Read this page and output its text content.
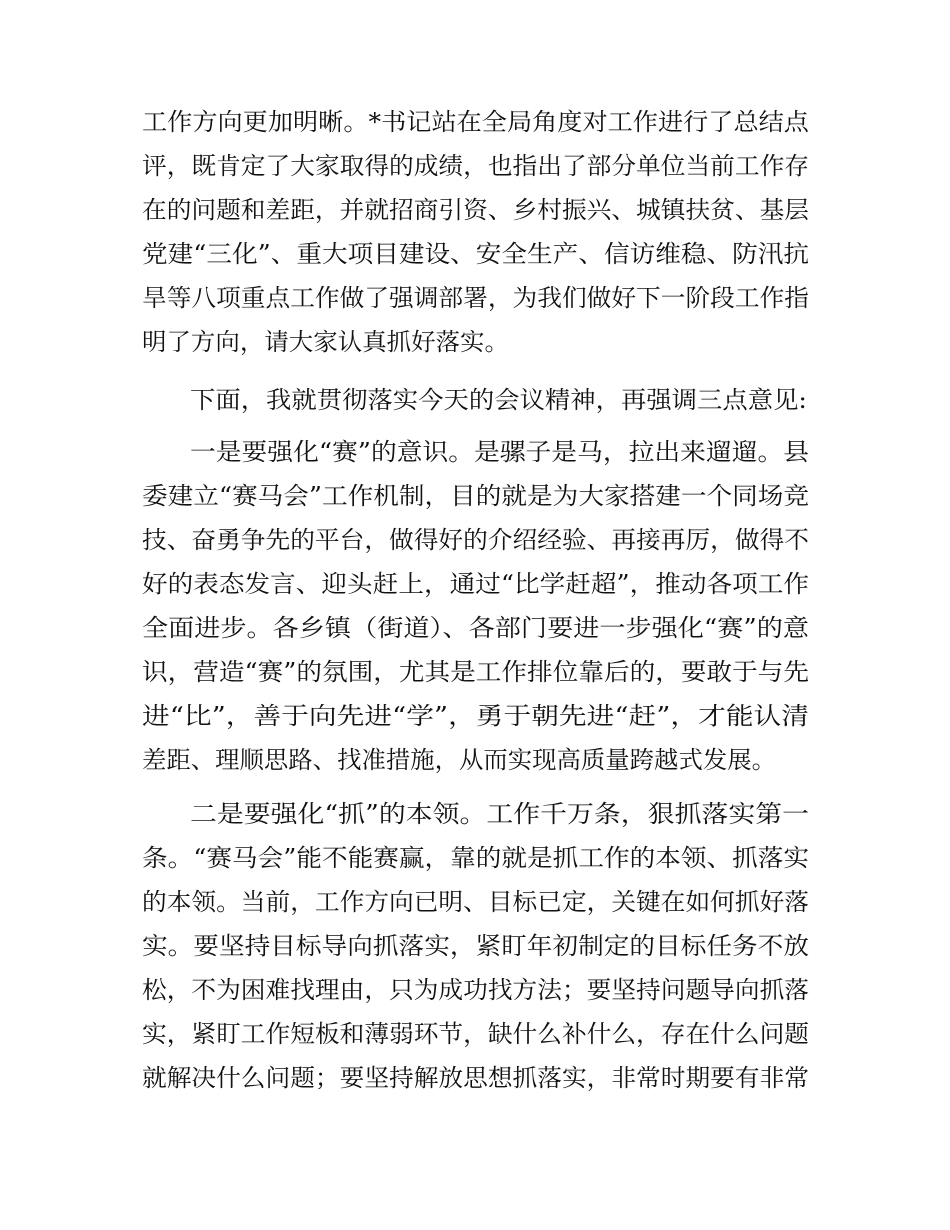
工作方向更加明晰。*书记站在全局角度对工作进行了总结点
评，既肯定了大家取得的成绩，也指出了部分单位当前工作存
在的问题和差距，并就招商引资、乡村振兴、城镇扶贫、基层
党建“三化”、重大项目建设、安全生产、信访维稳、防汛抗
旱等八项重点工作做了强调部署，为我们做好下一阶段工作指
明了方向，请大家认真抓好落实。
下面，我就贯彻落实今天的会议精神，再强调三点意见:
一是要强化“赛”的意识。是骡子是马，拉出来遛遛。县
委建立“赛马会”工作机制，目的就是为大家搭建一个同场竞
技、奋勇争先的平台，做得好的介绍经验、再接再厉，做得不
好的表态发言、迎头赶上，通过“比学赶超”，推动各项工作
全面进步。各乡镇（街道）、各部门要进一步强化“赛”的意
识，营造“赛”的氛围，尤其是工作排位靠后的，要敢于与先
进“比”，善于向先进“学”，勇于朝先进“赶”，才能认清
差距、理顺思路、找准措施，从而实现高质量跨越式发展。
二是要强化“抓”的本领。工作千万条，狠抓落实第一
条。“赛马会”能不能赛赢，靠的就是抓工作的本领、抓落实
的本领。当前，工作方向已明、目标已定，关键在如何抓好落
实。要坚持目标导向抓落实，紧盯年初制定的目标任务不放
松，不为困难找理由，只为成功找方法；要坚持问题导向抓落
实，紧盯工作短板和薄弱环节，缺什么补什么，存在什么问题
就解决什么问题；要坚持解放思想抓落实，非常时期要有非常
